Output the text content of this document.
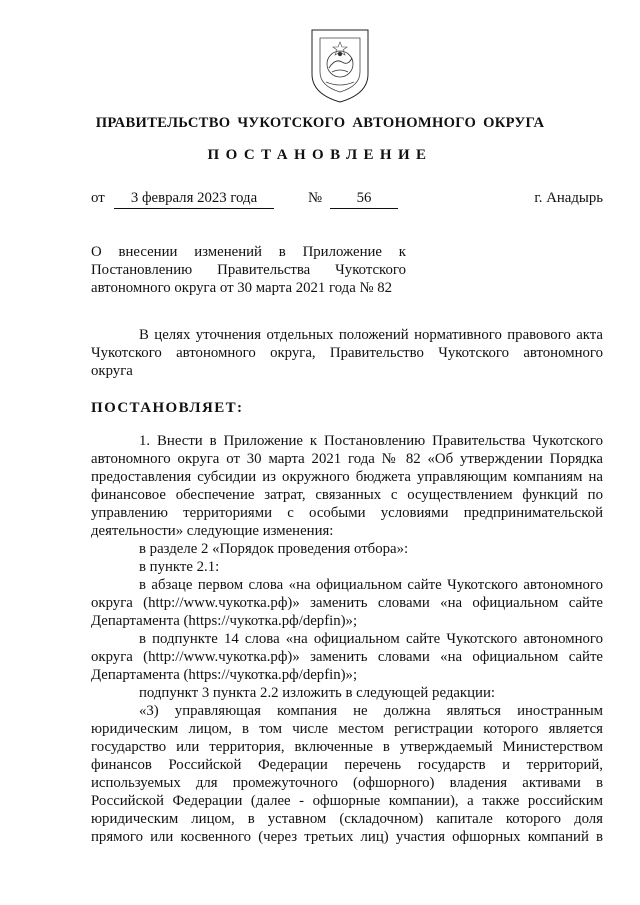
ПРАВИТЕЛЬСТВО ЧУКОТСКОГО АВТОНОМНОГО ОКРУГА
ПОСТАНОВЛЕНИЕ
от	3 февраля 2023 года	№	56	г. Анадырь
О внесении изменений в Приложение к
Постановлению Правительства Чукотского
автономного округа от 30 марта 2021 года № 82
В целях уточнения отдельных положений нормативного правового акта
Чукотского автономного округа, Правительство Чукотского автономного
округа
ПОСТАНОВЛЯЕТ:
1. Внести в Приложение к Постановлению Правительства Чукотского
автономного округа от 30 марта 2021 года № 82 «Об утверждении Порядка
предоставления субсидии из окружного бюджета управляющим компаниям на
финансовое обеспечение затрат, связанных с осуществлением функций по
управлению территориями с особыми условиями предпринимательской
деятельности» следующие изменения:
в разделе 2 «Порядок проведения отбора»:
в пункте 2.1:
в абзаце первом слова «на официальном сайте Чукотского автономного
округа (http://www.чукотка.рф)» заменить словами «на официальном сайте
Департамента (https://чукотка.рф/depfin)»;
в подпункте 14 слова «на официальном сайте Чукотского автономного
округа (http://www.чукотка.рф)» заменить словами «на официальном сайте
Департамента (https://чукотка.рф/depfin)»;
подпункт 3 пункта 2.2 изложить в следующей редакции:
«3) управляющая компания не должна являться иностранным
юридическим лицом, в том числе местом регистрации которого является
государство или территория, включенные в утверждаемый Министерством
финансов Российской Федерации перечень государств и территорий,
используемых для промежуточного (офшорного) владения активами в
Российской Федерации (далее - офшорные компании), а также российским
юридическим лицом, в уставном (складочном) капитале которого доля
прямого или косвенного (через третьих лиц) участия офшорных компаний в
